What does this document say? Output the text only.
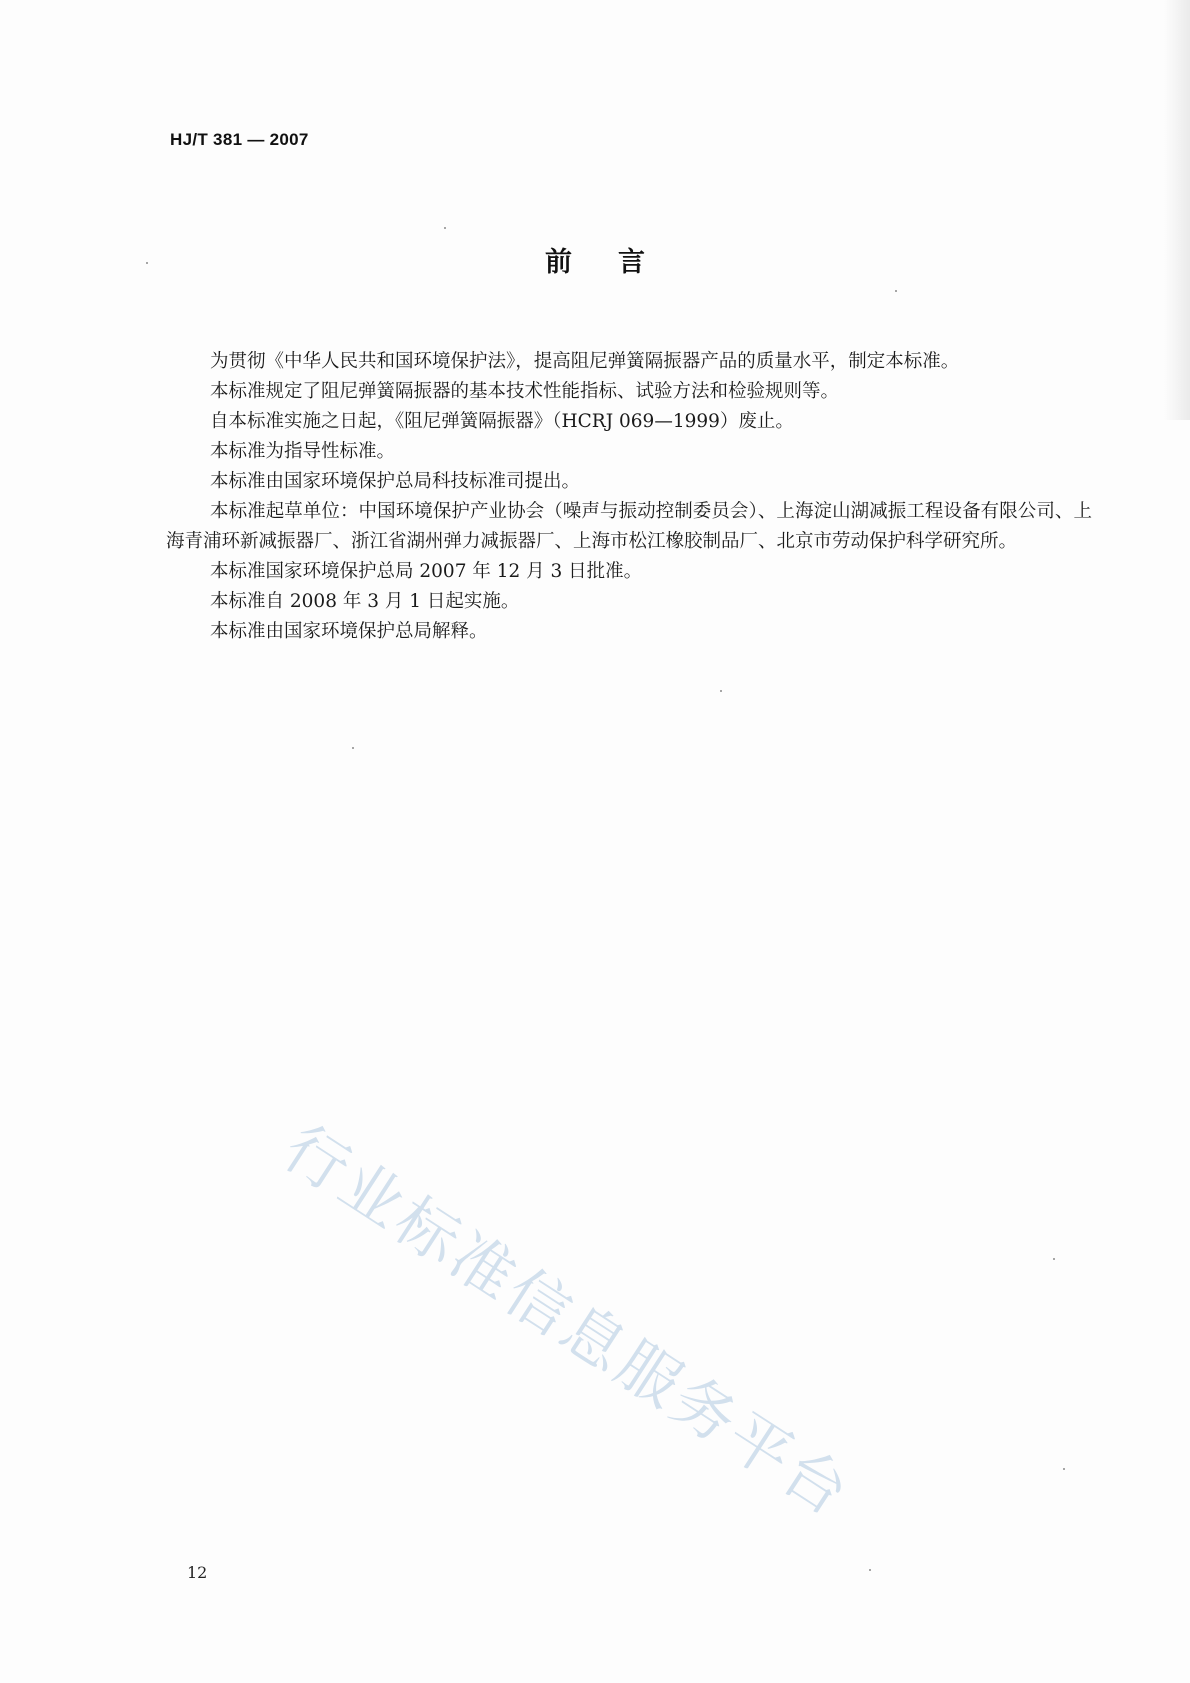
HJ/T 381 — 2007
前言

为贯彻《中华人民共和国环境保护法》，提高阻尼弹簧隔振器产品的质量水平，制定本标准。

本标准规定了阻尼弹簧隔振器的基本技术性能指标、试验方法和检验规则等。

自本标准实施之日起，《阻尼弹簧隔振器》（HCRJ 069—1999）废止。

本标准为指导性标准。

本标准由国家环境保护总局科技标准司提出。

本标准起草单位：中国环境保护产业协会（噪声与振动控制委员会）、上海淀山湖减振工程设备有限公司、上海青浦环新减振器厂、浙江省湖州弹力减振器厂、上海市松江橡胶制品厂、北京市劳动保护科学研究所。

本标准国家环境保护总局 2007 年 12 月 3 日批准。

本标准自 2008 年 3 月 1 日起实施。

本标准由国家环境保护总局解释。

行业标准信息服务平台
12
